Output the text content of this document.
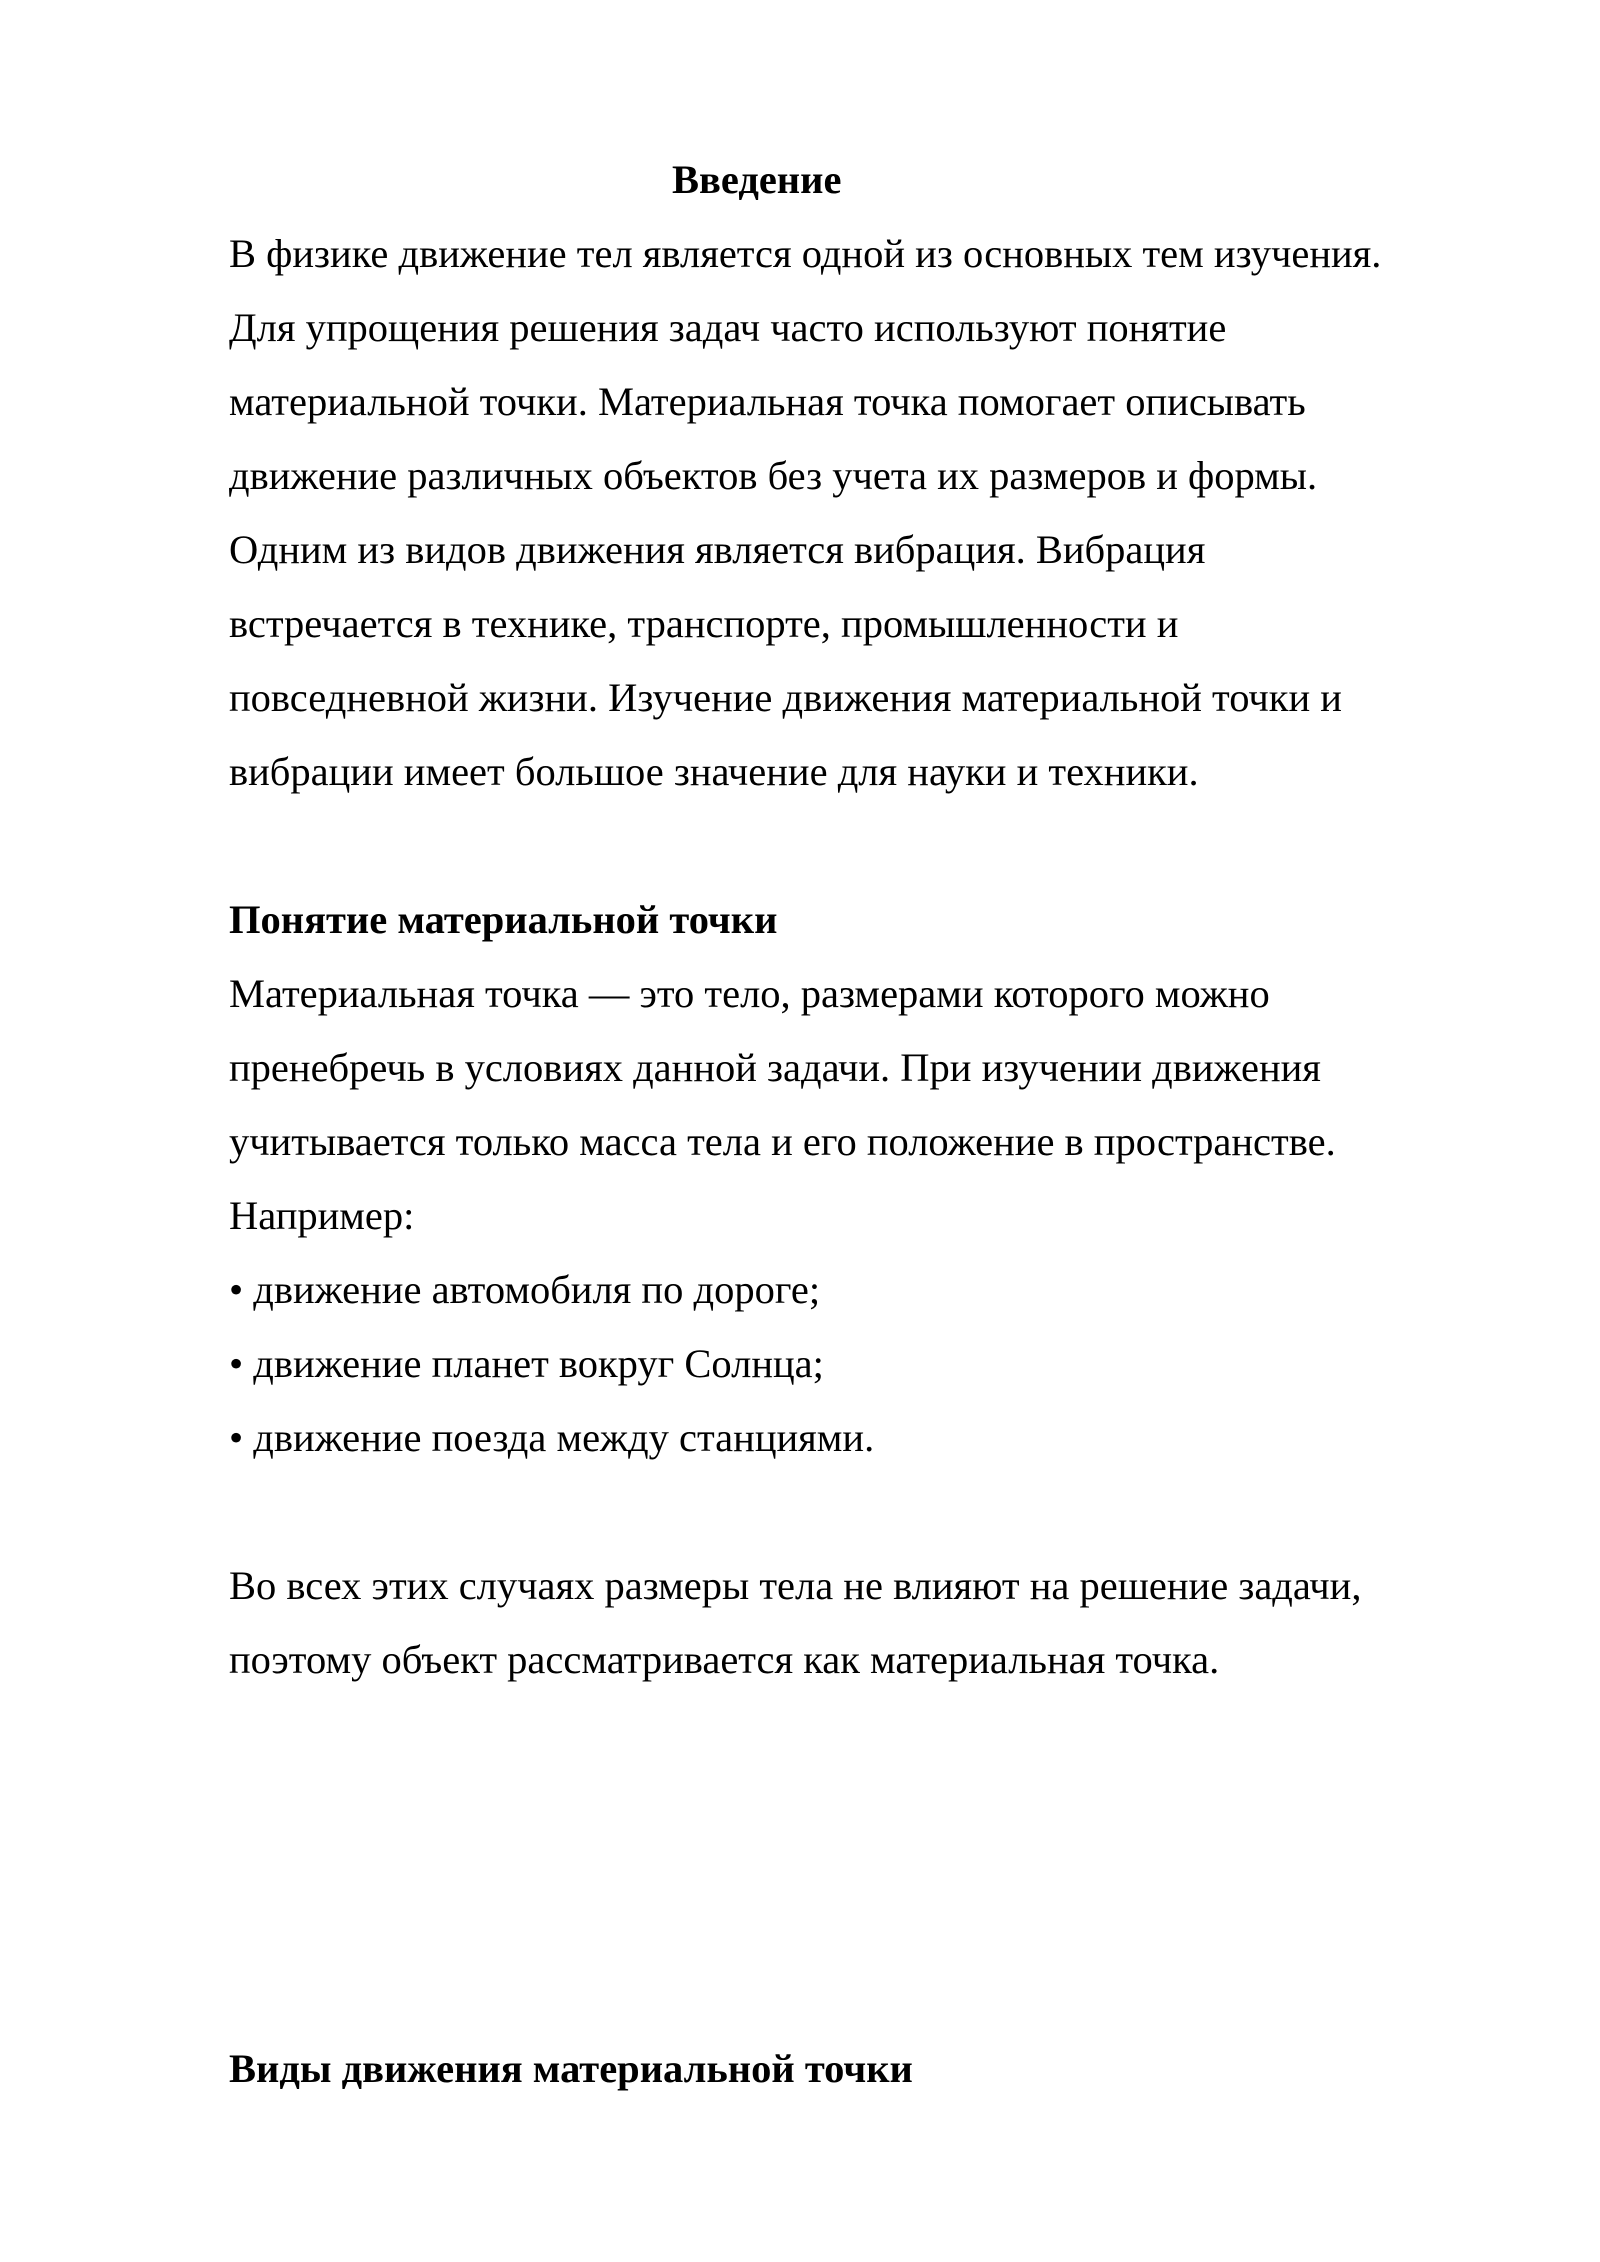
Введение
В физике движение тел является одной из основных тем изучения.
Для упрощения решения задач часто используют понятие
материальной точки. Материальная точка помогает описывать
движение различных объектов без учета их размеров и формы.
Одним из видов движения является вибрация. Вибрация
встречается в технике, транспорте, промышленности и
повседневной жизни. Изучение движения материальной точки и
вибрации имеет большое значение для науки и техники.
Понятие материальной точки
Материальная точка — это тело, размерами которого можно
пренебречь в условиях данной задачи. При изучении движения
учитывается только масса тела и его положение в пространстве.
Например:
• движение автомобиля по дороге;
• движение планет вокруг Солнца;
• движение поезда между станциями.
Во всех этих случаях размеры тела не влияют на решение задачи,
поэтому объект рассматривается как материальная точка.
Виды движения материальной точки
